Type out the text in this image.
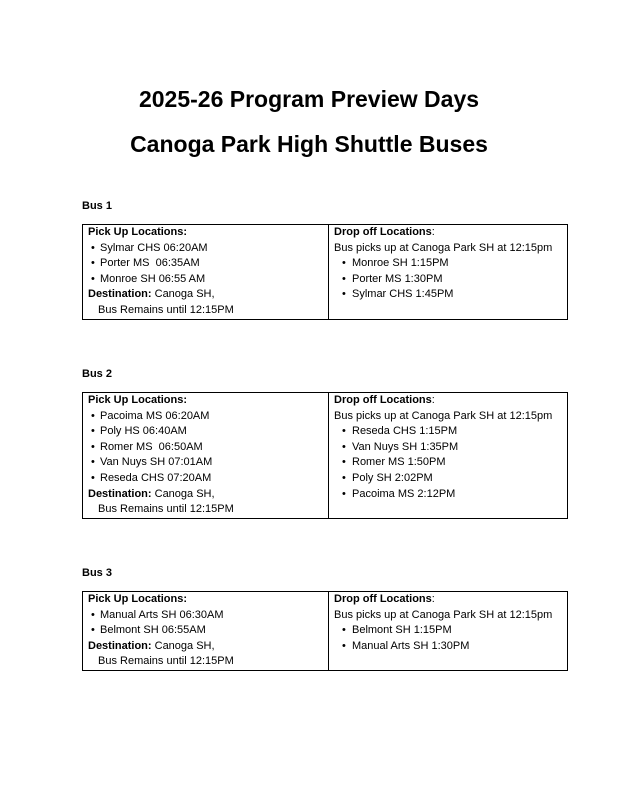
2025-26 Program Preview Days
Canoga Park High Shuttle Buses

Bus 1

Pick Up Locations:
• Sylmar CHS 06:20AM
• Porter MS  06:35AM
• Monroe SH 06:55 AM
Destination: Canoga SH,
Bus Remains until 12:15PM

Drop off Locations:
Bus picks up at Canoga Park SH at 12:15pm
• Monroe SH 1:15PM
• Porter MS 1:30PM
• Sylmar CHS 1:45PM

Bus 2

Pick Up Locations:
• Pacoima MS 06:20AM
• Poly HS 06:40AM
• Romer MS  06:50AM
• Van Nuys SH 07:01AM
• Reseda CHS 07:20AM
Destination: Canoga SH,
Bus Remains until 12:15PM

Drop off Locations:
Bus picks up at Canoga Park SH at 12:15pm
• Reseda CHS 1:15PM
• Van Nuys SH 1:35PM
• Romer MS 1:50PM
• Poly SH 2:02PM
• Pacoima MS 2:12PM

Bus 3

Pick Up Locations:
• Manual Arts SH 06:30AM
• Belmont SH 06:55AM
Destination: Canoga SH,
Bus Remains until 12:15PM

Drop off Locations:
Bus picks up at Canoga Park SH at 12:15pm
• Belmont SH 1:15PM
• Manual Arts SH 1:30PM
